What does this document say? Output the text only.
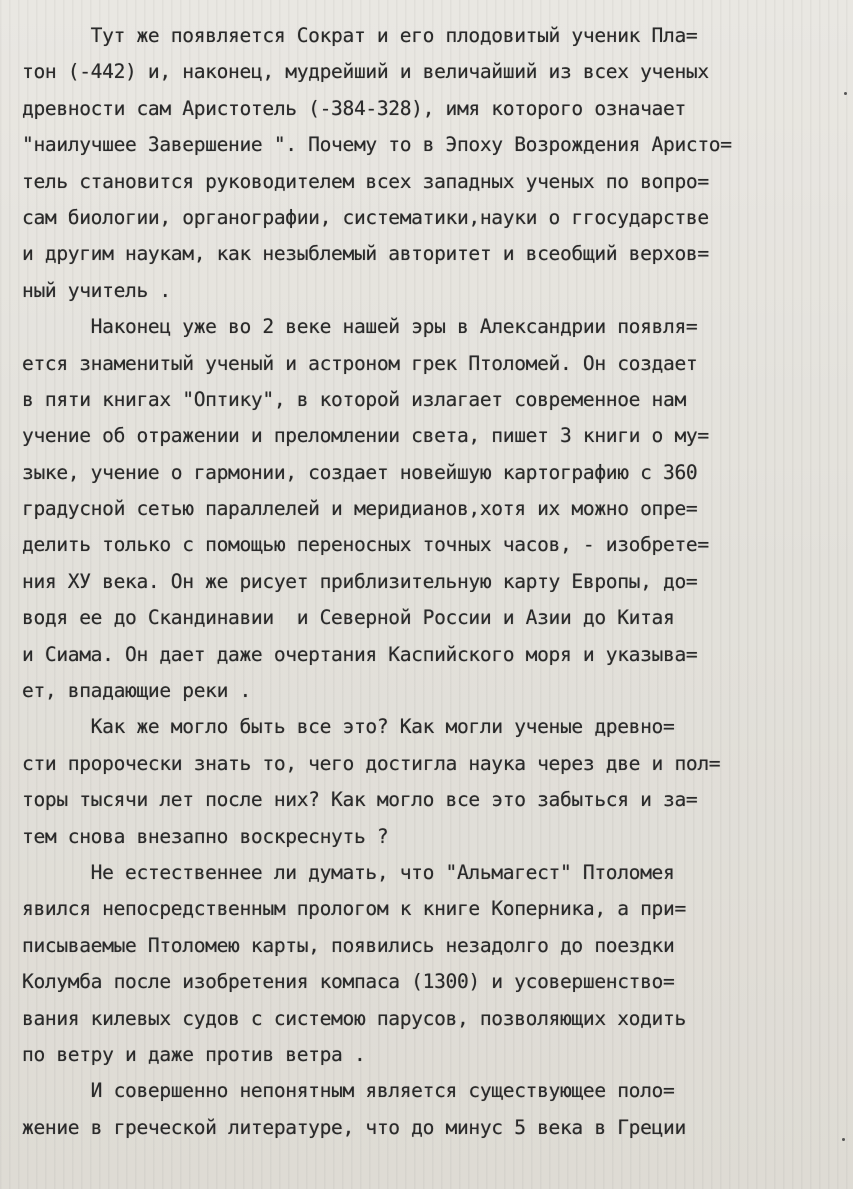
Тут же появляется Сократ и его плодовитый ученик Пла=
тон (-442) и, наконец, мудрейший и величайший из всех ученых
древности сам Аристотель (-384-328), имя которого означает
"наилучшее Завершение ". Почему то в Эпоху Возрождения Аристо=
тель становится руководителем всех западных ученых по вопро=
сам биологии, органографии, систематики,науки о ггосударстве
и другим наукам, как незыблемый авторитет и всеобщий верхов=
ный учитель .
Наконец уже во 2 веке нашей эры в Александрии появля=
ется знаменитый ученый и астроном грек Птоломей. Он создает
в пяти книгах "Оптику", в которой излагает современное нам
учение об отражении и преломлении света, пишет 3 книги о му=
зыке, учение о гармонии, создает новейшую картографию с 360
градусной сетью параллелей и меридианов,хотя их можно опре=
делить только с помощью переносных точных часов, - изобрете=
ния ХУ века. Он же рисует приблизительную карту Европы, до=
водя ее до Скандинавии  и Северной России и Азии до Китая
и Сиама. Он дает даже очертания Каспийского моря и указыва=
ет, впадающие реки .
Как же могло быть все это? Как могли ученые древно=
сти пророчески знать то, чего достигла наука через две и пол=
торы тысячи лет после них? Как могло все это забыться и за=
тем снова внезапно воскреснуть ?
Не естественнее ли думать, что "Альмагест" Птоломея
явился непосредственным прологом к книге Коперника, а при=
писываемые Птоломею карты, появились незадолго до поездки
Колумба после изобретения компаса (1300) и усовершенство=
вания килевых судов с системою парусов, позволяющих ходить
по ветру и даже против ветра .
И совершенно непонятным является существующее поло=
жение в греческой литературе, что до минус 5 века в Греции
